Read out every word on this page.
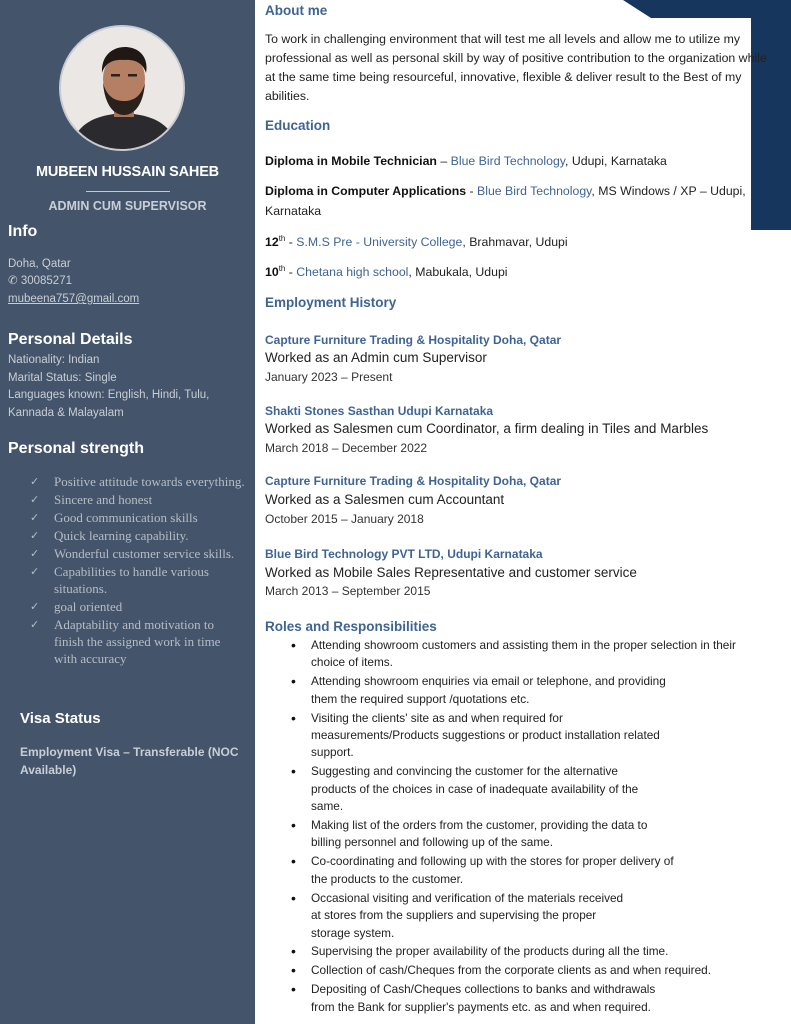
MUBEEN HUSSAIN SAHEB
ADMIN CUM SUPERVISOR
Info
Doha, Qatar
✆ 30085271
mubeena757@gmail.com
Personal Details
Nationality: Indian
Marital Status: Single
Languages known: English, Hindi, Tulu, Kannada & Malayalam
Personal strength
✓ Positive attitude towards everything.
✓ Sincere and honest
✓ Good communication skills
✓ Quick learning capability.
✓ Wonderful customer service skills.
✓ Capabilities to handle various situations.
✓ goal oriented
✓ Adaptability and motivation to finish the assigned work in time with accuracy
Visa Status
Employment Visa – Transferable (NOC Available)
About me
To work in challenging environment that will test me all levels and allow me to utilize my professional as well as personal skill by way of positive contribution to the organization while at the same time being resourceful, innovative, flexible & deliver result to the Best of my abilities.
Education
Diploma in Mobile Technician – Blue Bird Technology, Udupi, Karnataka
Diploma in Computer Applications - Blue Bird Technology, MS Windows / XP – Udupi, Karnataka
12th - S.M.S Pre - University College, Brahmavar, Udupi
10th - Chetana high school, Mabukala, Udupi
Employment History
Capture Furniture Trading & Hospitality Doha, Qatar
Worked as an Admin cum Supervisor
January 2023 – Present
Shakti Stones Sasthan Udupi Karnataka
Worked as Salesmen cum Coordinator, a firm dealing in Tiles and Marbles
March 2018 – December 2022
Capture Furniture Trading & Hospitality Doha, Qatar
Worked as a Salesmen cum Accountant
October 2015 – January 2018
Blue Bird Technology PVT LTD, Udupi Karnataka
Worked as Mobile Sales Representative and customer service
March 2013 – September 2015
Roles and Responsibilities
• Attending showroom customers and assisting them in the proper selection in their
choice of items.
• Attending showroom enquiries via email or telephone, and providing
them the required support /quotations etc.
• Visiting the clients' site as and when required for
measurements/Products suggestions or product installation related
support.
• Suggesting and convincing the customer for the alternative
products of the choices in case of inadequate availability of the
same.
• Making list of the orders from the customer, providing the data to
billing personnel and following up of the same.
• Co-coordinating and following up with the stores for proper delivery of
the products to the customer.
• Occasional visiting and verification of the materials received
at stores from the suppliers and supervising the proper
storage system.
• Supervising the proper availability of the products during all the time.
• Collection of cash/Cheques from the corporate clients as and when required.
• Depositing of Cash/Cheques collections to banks and withdrawals
from the Bank for supplier's payments etc. as and when required.
